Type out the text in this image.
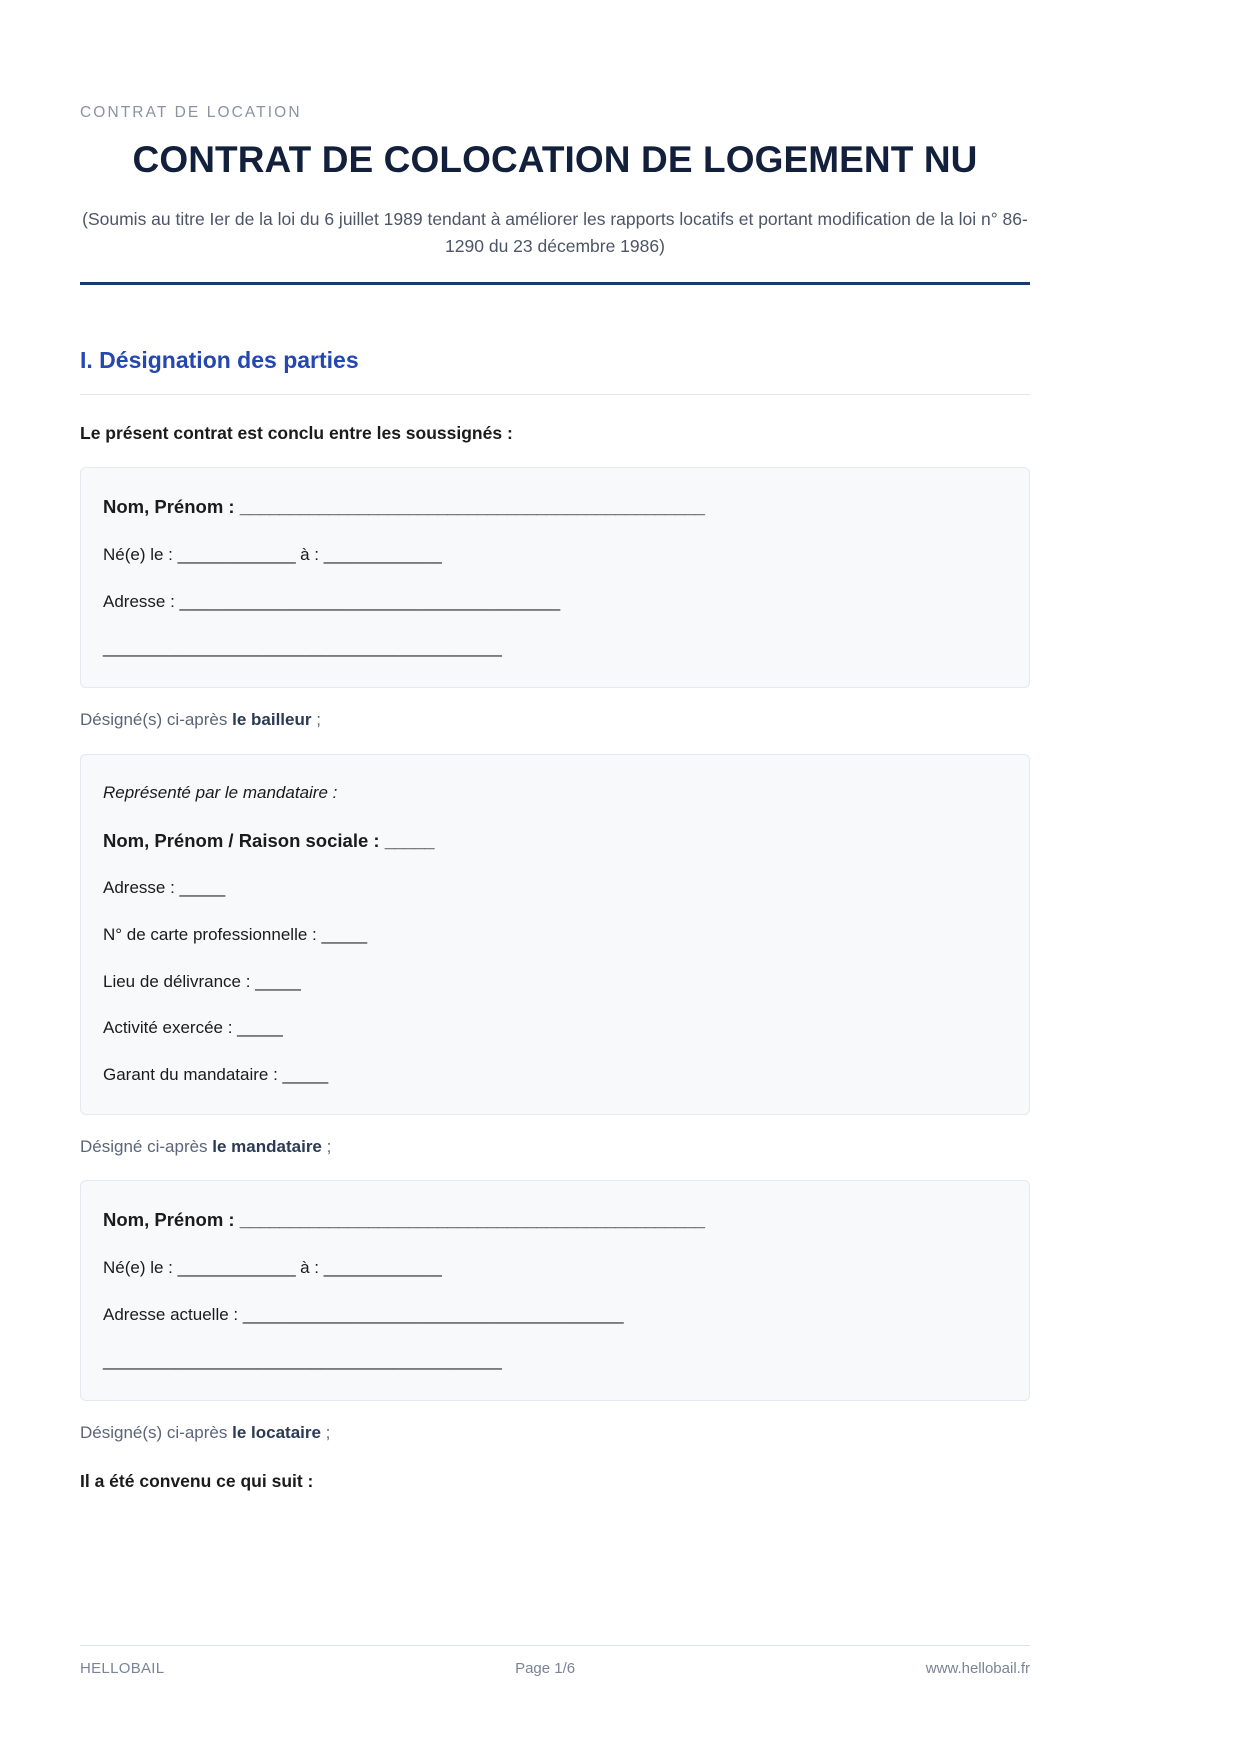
CONTRAT DE LOCATION
CONTRAT DE COLOCATION DE LOGEMENT NU
(Soumis au titre Ier de la loi du 6 juillet 1989 tendant à améliorer les rapports locatifs et portant modification de la loi n° 86-1290 du 23 décembre 1986)
I. Désignation des parties
Le présent contrat est conclu entre les soussignés :
Nom, Prénom : _______________________________________________
Né(e) le : _____________ à : _____________
Adresse : __________________________________________
____________________________________________
Désigné(s) ci-après le bailleur ;
Représenté par le mandataire :
Nom, Prénom / Raison sociale : _____
Adresse : _____
N° de carte professionnelle : _____
Lieu de délivrance : _____
Activité exercée : _____
Garant du mandataire : _____
Désigné ci-après le mandataire ;
Nom, Prénom : _______________________________________________
Né(e) le : _____________ à : _____________
Adresse actuelle : __________________________________________
____________________________________________
Désigné(s) ci-après le locataire ;
Il a été convenu ce qui suit :
HELLOBAIL	Page 1/6	www.hellobail.fr
